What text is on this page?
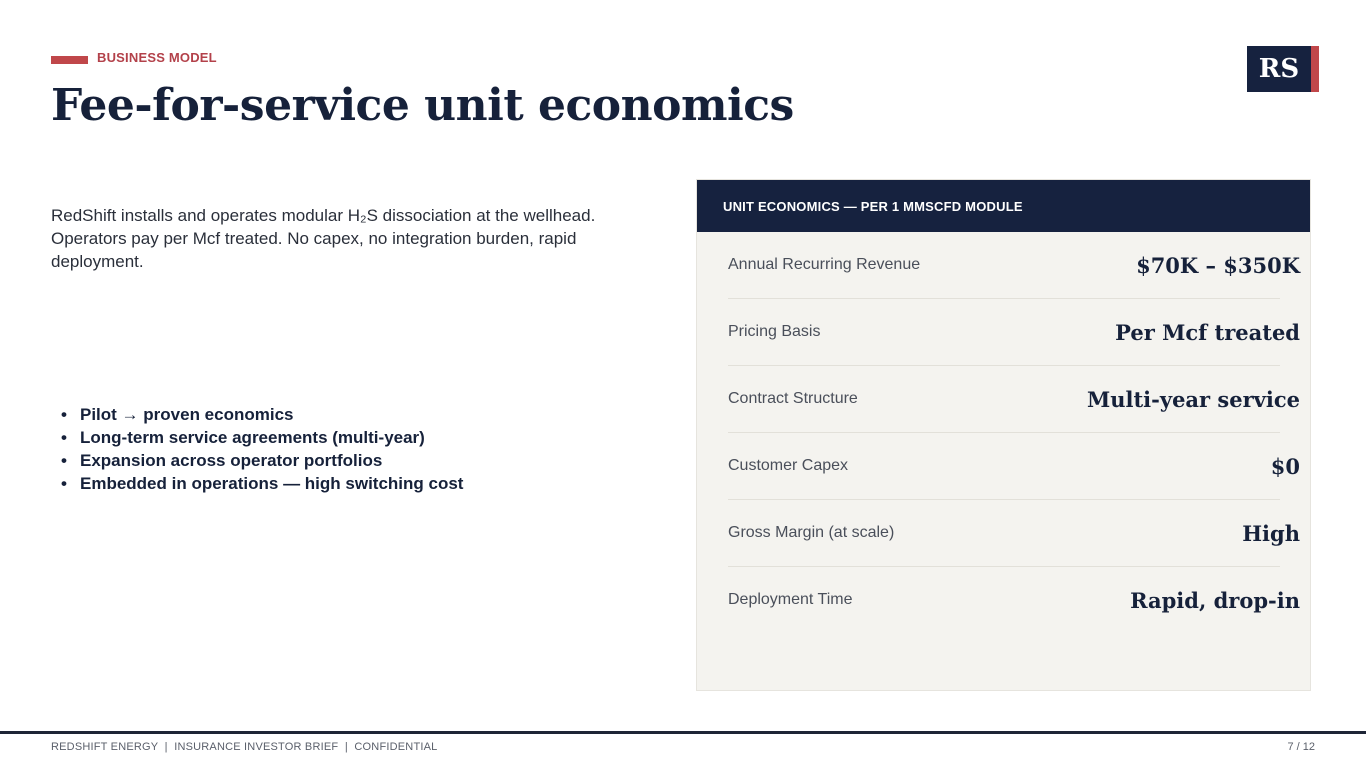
BUSINESS MODEL
Fee-for-service unit economics
RS

RedShift installs and operates modular H₂S dissociation at the wellhead. Operators pay per Mcf treated. No capex, no integration burden, rapid deployment.

• Pilot → proven economics
• Long-term service agreements (multi-year)
• Expansion across operator portfolios
• Embedded in operations — high switching cost
UNIT ECONOMICS — PER 1 MMSCFD MODULE
Annual Recurring Revenue	$70K – $350K
Pricing Basis	Per Mcf treated
Contract Structure	Multi-year service
Customer Capex	$0
Gross Margin (at scale)	High
Deployment Time	Rapid, drop-in
REDSHIFT ENERGY  |  INSURANCE INVESTOR BRIEF  |  CONFIDENTIAL	7 / 12
